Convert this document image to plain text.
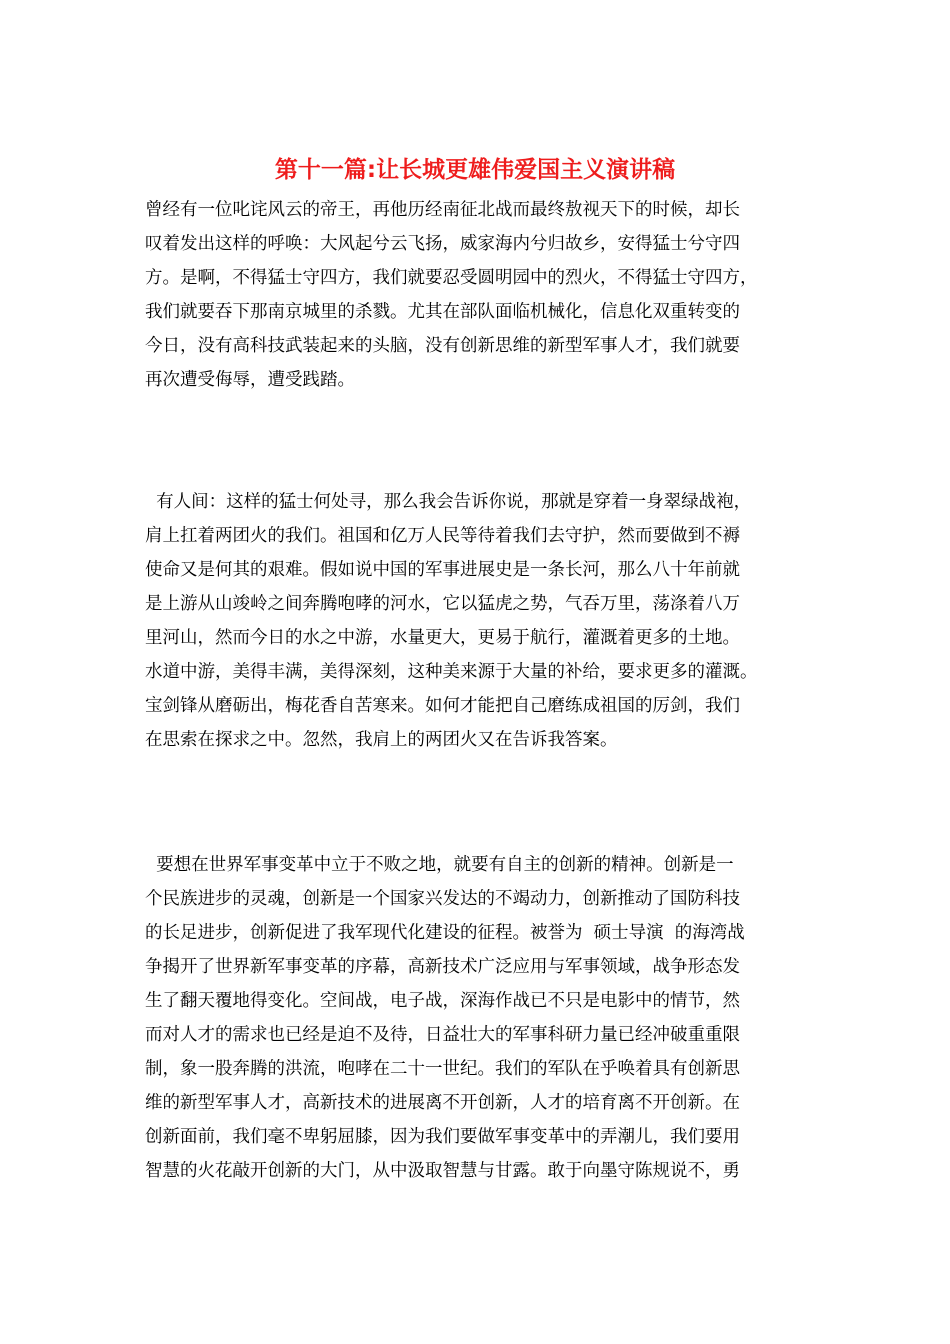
第十一篇:让长城更雄伟爱国主义演讲稿
曾经有一位叱诧风云的帝王，再他历经南征北战而最终敖视天下的时候，却长
叹着发出这样的呼唤：大风起兮云飞扬，威家海内兮归故乡，安得猛士兮守四
方。是啊，不得猛士守四方，我们就要忍受圆明园中的烈火，不得猛士守四方，
我们就要吞下那南京城里的杀戮。尤其在部队面临机械化，信息化双重转变的
今日，没有高科技武装起来的头脑，没有创新思维的新型军事人才，我们就要
再次遭受侮辱，遭受践踏。
有人间：这样的猛士何处寻，那么我会告诉你说，那就是穿着一身翠绿战袍，
肩上扛着两团火的我们。祖国和亿万人民等待着我们去守护，然而要做到不褥
使命又是何其的艰难。假如说中国的军事进展史是一条长河，那么八十年前就
是上游从山竣岭之间奔腾咆哮的河水，它以猛虎之势，气吞万里，荡涤着八万
里河山，然而今日的水之中游，水量更大，更易于航行，灌溉着更多的土地。
水道中游，美得丰满，美得深刻，这种美来源于大量的补给，要求更多的灌溉。
宝剑锋从磨砺出，梅花香自苦寒来。如何才能把自己磨练成祖国的厉剑，我们
在思索在探求之中。忽然，我肩上的两团火又在告诉我答案。
要想在世界军事变革中立于不败之地，就要有自主的创新的精神。创新是一
个民族进步的灵魂，创新是一个国家兴发达的不竭动力，创新推动了国防科技
的长足进步，创新促进了我军现代化建设的征程。被誉为  硕士导演  的海湾战
争揭开了世界新军事变革的序幕，高新技术广泛应用与军事领域，战争形态发
生了翻天覆地得变化。空间战，电子战，深海作战已不只是电影中的情节，然
而对人才的需求也已经是迫不及待，日益壮大的军事科研力量已经冲破重重限
制，象一股奔腾的洪流，咆哮在二十一世纪。我们的军队在乎唤着具有创新思
维的新型军事人才，高新技术的进展离不开创新，人才的培育离不开创新。在
创新面前，我们毫不卑躬屈膝，因为我们要做军事变革中的弄潮儿，我们要用
智慧的火花敲开创新的大门，从中汲取智慧与甘露。敢于向墨守陈规说不，勇
